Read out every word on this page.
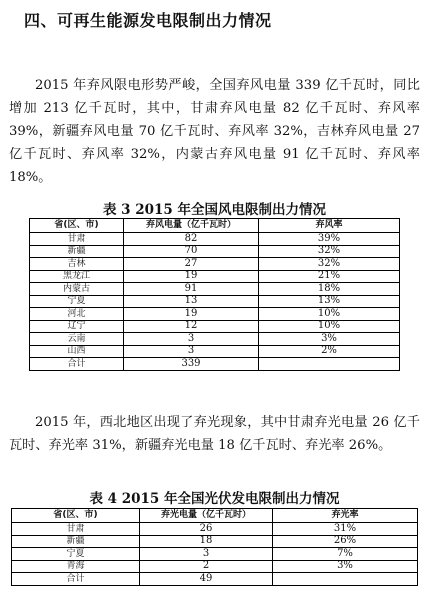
四、可再生能源发电限制出力情况

2015 年弃风限电形势严峻，全国弃风电量 339 亿千瓦时，同比增加 213 亿千瓦时，其中，甘肃弃风电量 82 亿千瓦时、弃风率 39%，新疆弃风电量 70 亿千瓦时、弃风率 32%，吉林弃风电量 27 亿千瓦时、弃风率 32%，内蒙古弃风电量 91 亿千瓦时、弃风率 18%。

表 3 2015 年全国风电限制出力情况
省(区、市)	弃风电量（亿千瓦时）	弃风率
甘肃	82	39%
新疆	70	32%
吉林	27	32%
黑龙江	19	21%
内蒙古	91	18%
宁夏	13	13%
河北	19	10%
辽宁	12	10%
云南	3	3%
山西	3	2%
合计	339	

2015 年，西北地区出现了弃光现象，其中甘肃弃光电量 26 亿千瓦时、弃光率 31%，新疆弃光电量 18 亿千瓦时、弃光率 26%。

表 4 2015 年全国光伏发电限制出力情况
省(区、市)	弃光电量（亿千瓦时）	弃光率
甘肃	26	31%
新疆	18	26%
宁夏	3	7%
青海	2	3%
合计	49	
